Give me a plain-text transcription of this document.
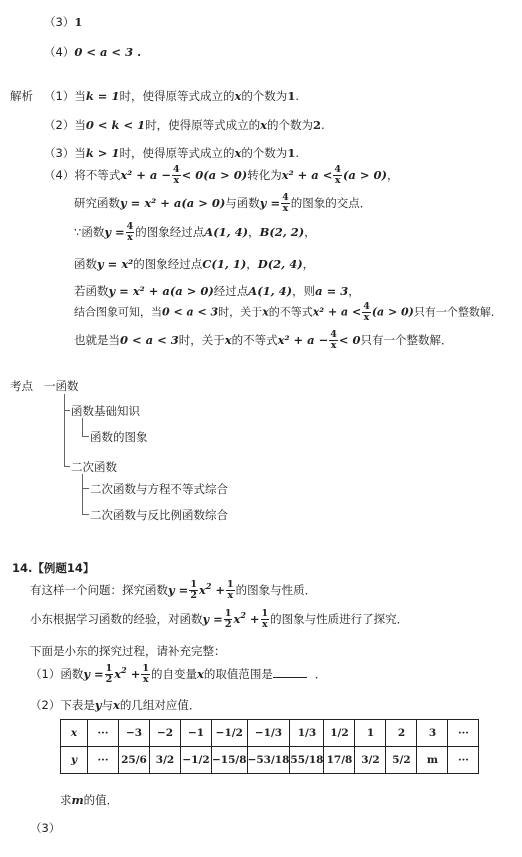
（3）1
（4）0 < a < 3 .
解析 （1）当k = 1时，使得原等式成立的x的个数为1.
（2）当0 < k < 1时，使得原等式成立的x的个数为2.
（3）当k > 1时，使得原等式成立的x的个数为1.
（4）将不等式$x^2 + a - \frac{4}{x} < 0(a > 0)$转化为$x^2 + a < \frac{4}{x} (a > 0)$，
研究函数y = x² + a(a > 0)与函数$y = \frac{4}{x}$ 的图象的交点．
∵函数$y = \frac{4}{x}$ 的图象经过点A(1, 4)，B(2, 2)，
函数y = x²的图象经过点C(1, 1)，D(2, 4)，
若函数y = x² + a(a > 0)经过点A(1, 4)，则a = 3，
结合图象可知，当0 < a < 3时，关于x的不等式$x^2 + a < \frac{4}{x} (a > 0)$只有一个整数解．
也就是当0 < a < 3时，关于x的不等式$x^2 + a - \frac{4}{x} < 0$只有一个整数解．
考点 一函数
函数基础知识
函数的图象
二次函数
二次函数与方程不等式综合
二次函数与反比例函数综合
14.【例题14】
有这样一个问题：探究函数$y = \frac{1}{2} x^2 + \frac{1}{x}$ 的图象与性质．
小东根据学习函数的经验，对函数$y = \frac{1}{2} x^2 + \frac{1}{x}$ 的图象与性质进行了探究．
下面是小东的探究过程，请补充完整：
（1）函数$y = \frac{1}{2} x^2 + \frac{1}{x}$ 的自变量x的取值范围是	．
（2）下表是y与x的几组对应值．
x	···	−3	−2	−1	−1/2	−1/3	1/3	1/2	1	2	3	···
y	···	25/6	3/2	−1/2	−15/8	−53/18	55/18	17/8	3/2	5/2	m	···
求m的值．
（3）
